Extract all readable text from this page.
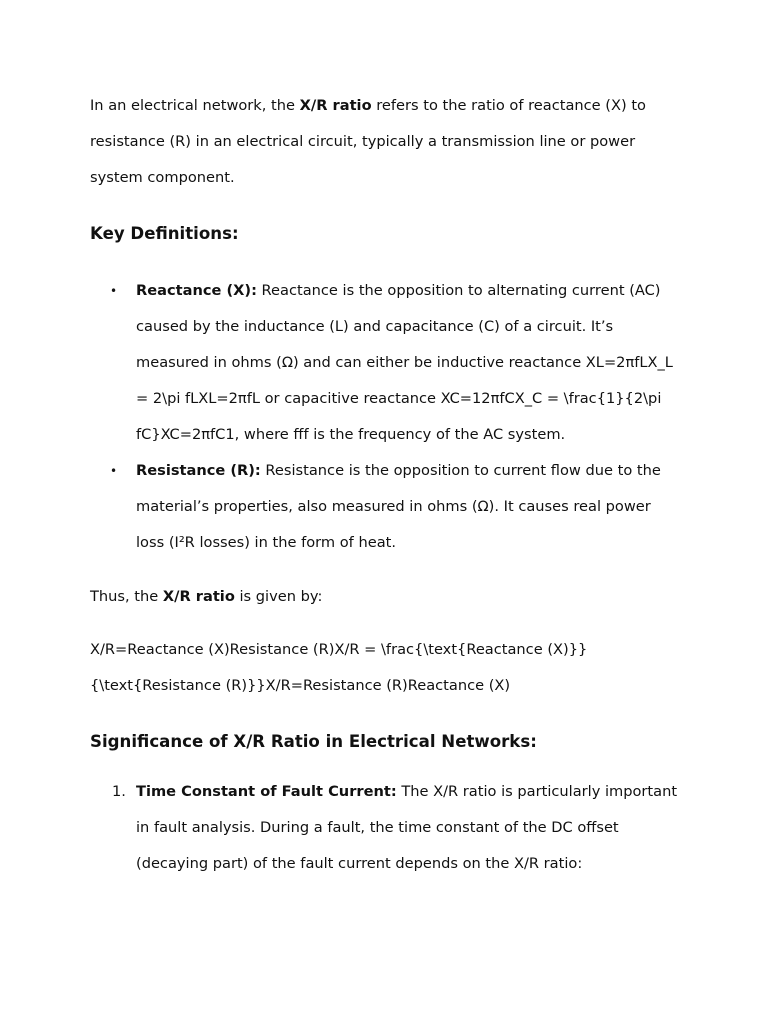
In an electrical network, the X/R ratio refers to the ratio of reactance (X) to resistance (R) in an electrical circuit, typically a transmission line or power system component.

Key Definitions:
• Reactance (X): Reactance is the opposition to alternating current (AC) caused by the inductance (L) and capacitance (C) of a circuit. It’s measured in ohms (Ω) and can either be inductive reactance XL=2πfLX_L = 2\pi fLXL​=2πfL or capacitive reactance XC=12πfCX_C = \frac{1}{2\pi fC}XC​=2πfC1​, where fff is the frequency of the AC system.
• Resistance (R): Resistance is the opposition to current flow due to the material’s properties, also measured in ohms (Ω). It causes real power loss (I²R losses) in the form of heat.

Thus, the X/R ratio is given by:

X/R=Reactance (X)Resistance (R)X/R = \frac{\text{Reactance (X)}}{\text{Resistance (R)}}X/R=Resistance (R)Reactance (X)​

Significance of X/R Ratio in Electrical Networks:
1. Time Constant of Fault Current: The X/R ratio is particularly important in fault analysis. During a fault, the time constant of the DC offset (decaying part) of the fault current depends on the X/R ratio:
